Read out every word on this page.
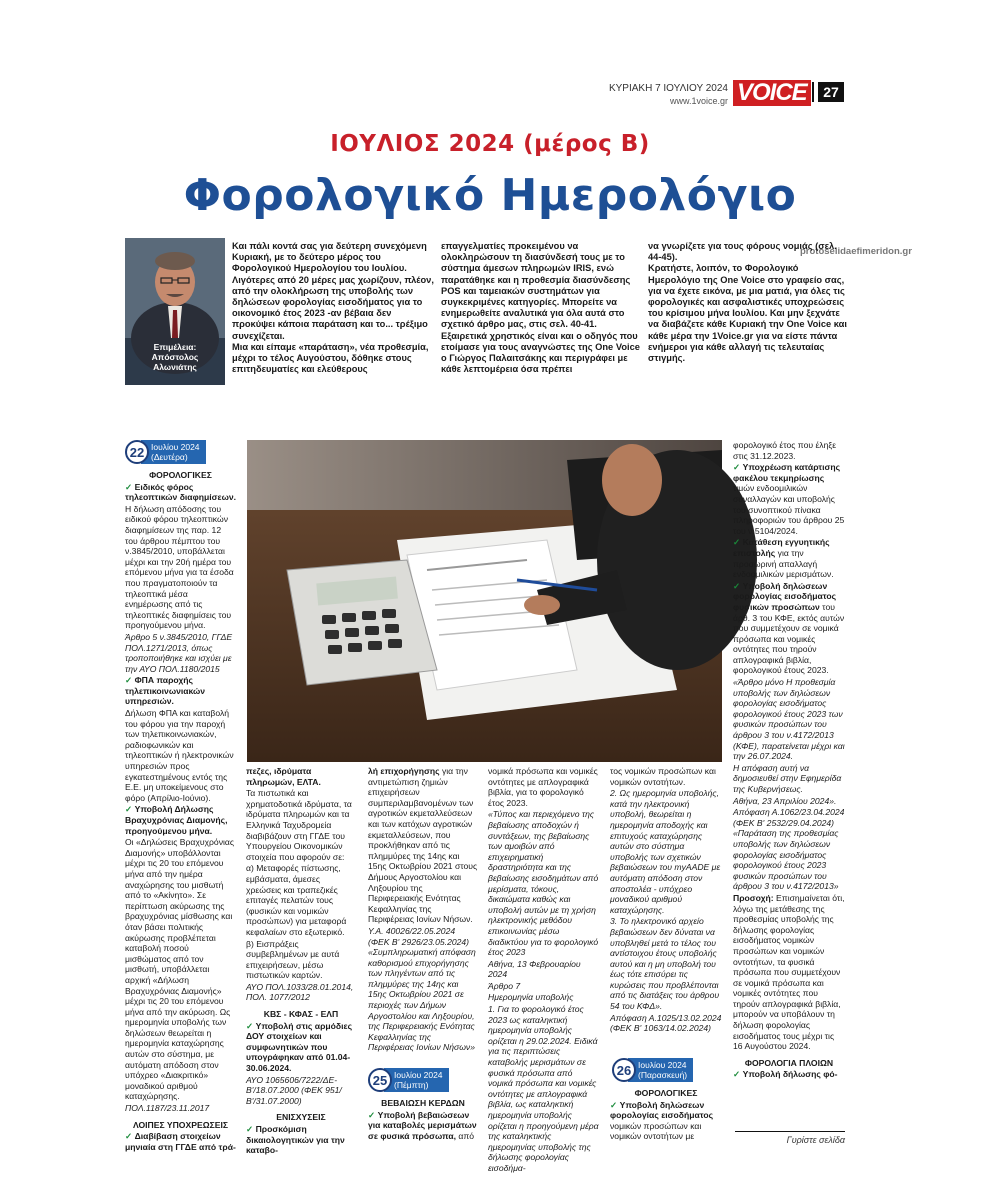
ΚΥΡΙΑΚΗ 7 ΙΟΥΛΙΟΥ 2024
www.1voice.gr VOICE	27
ΙΟΥΛΙΟΣ 2024 (μέρος Β)
Φορολογικό Ημερολόγιο
protoselidaefimeridon.gr
Επιμέλεια:
Απόστολος
Αλωνιάτης

Και πάλι κοντά σας για δεύτερη συνεχόμενη Κυριακή, με το δεύτερο μέρος του Φορολογικού Ημερολογίου του Ιουλίου. Λιγότερες από 20 μέρες μας χωρίζουν, πλέον, από την ολοκλήρωση της υποβολής των δηλώσεων φορολογίας εισοδήματος για το οικονομικό έτος 2023 -αν βέβαια δεν προκύψει κάποια παράταση και το... τρέξιμο συνεχίζεται.

Μια και είπαμε «παράταση», νέα προθεσμία, μέχρι το τέλος Αυγούστου, δόθηκε στους επιτηδευματίες και ελεύθερους

επαγγελματίες προκειμένου να ολοκληρώσουν τη διασύνδεσή τους με το σύστημα άμεσων πληρωμών IRIS, ενώ παρατάθηκε και η προθεσμία διασύνδεσης POS και ταμειακών συστημάτων για συγκεκριμένες κατηγορίες. Μπορείτε να ενημερωθείτε αναλυτικά για όλα αυτά στο σχετικό άρθρο μας, στις σελ. 40-41. Εξαιρετικά χρηστικός είναι και ο οδηγός που ετοίμασε για τους αναγνώστες της One Voice ο Γιώργος Παλαιτσάκης και περιγράφει με κάθε λεπτομέρεια όσα πρέπει

να γνωρίζετε για τους φόρους νομιάς (σελ. 44-45).

Κρατήστε, λοιπόν, το Φορολογικό Ημερολόγιο της One Voice στο γραφείο σας, για να έχετε εικόνα, με μια ματιά, για όλες τις φορολογικές και ασφαλιστικές υποχρεώσεις του κρίσιμου μήνα Ιουλίου. Και μην ξεχνάτε να διαβάζετε κάθε Κυριακή την One Voice και κάθε μέρα την 1Voice.gr για να είστε πάντα ενήμεροι για κάθε αλλαγή τις τελευταίας στιγμής.

22 Ιουλίου 2024
(Δευτέρα)

ΦΟΡΟΛΟΓΙΚΕΣ

✓ Ειδικός φόρος τηλεοπτικών διαφημίσεων.

Η δήλωση απόδοσης του ειδικού φόρου τηλεοπτικών διαφημίσεων της παρ. 12 του άρθρου πέμπτου του ν.3845/2010, υποβάλλεται μέχρι και την 20ή ημέρα του επόμενου μήνα για τα έσοδα που πραγματοποιούν τα τηλεοπτικά μέσα ενημέρωσης από τις τηλεοπτικές διαφημίσεις του προηγούμενου μήνα.

Άρθρο 5 ν.3845/2010, ΓΓΔΕ ΠΟΛ.1271/2013, όπως τροποποιήθηκε και ισχύει με την ΑΥΟ ΠΟΛ.1180/2015

✓ ΦΠΑ παροχής τηλεπικοινωνιακών υπηρεσιών.

Δήλωση ΦΠΑ και καταβολή του φόρου για την παροχή των τηλεπικοινωνιακών, ραδιοφωνικών και τηλεοπτικών ή ηλεκτρονικών υπηρεσιών προς εγκατεστημένους εντός της Ε.Ε. μη υποκείμενους στο φόρο (Απρίλιο-Ιούνιο).

✓ Υποβολή Δήλωσης Βραχυχρόνιας Διαμονής, προηγούμενου μήνα.

Οι «Δηλώσεις Βραχυχρόνιας Διαμονής» υποβάλλονται μέχρι τις 20 του επόμενου μήνα από την ημέρα αναχώρησης του μισθωτή από το «Ακίνητο». Σε περίπτωση ακύρωσης της βραχυχρόνιας μίσθωσης και όταν βάσει πολιτικής ακύρωσης προβλέπεται καταβολή ποσού μισθώματος από τον μισθωτή, υποβάλλεται αρχική «Δήλωση Βραχυχρόνιας Διαμονής» μέχρι τις 20 του επόμενου μήνα από την ακύρωση. Ως ημερομηνία υποβολής των δηλώσεων θεωρείται η ημερομηνία καταχώρησης αυτών στο σύστημα, με αυτόματη απόδοση στον υπόχρεο «Διακριτικό» μοναδικού αριθμού καταχώρησης.

ΠΟΛ.1187/23.11.2017

ΛΟΙΠΕΣ ΥΠΟΧΡΕΩΣΕΙΣ

✓ Διαβίβαση στοιχείων μηνιαία στη ΓΓΔΕ από τρά-

πεζες, ιδρύματα πληρωμών, ΕΛΤΑ.

Τα πιστωτικά και χρηματοδοτικά ιδρύματα, τα ιδρύματα πληρωμών και τα Ελληνικά Ταχυδρομεία διαβιβάζουν στη ΓΓΔΕ του Υπουργείου Οικονομικών στοιχεία που αφορούν σε:

α) Μεταφορές πίστωσης, εμβάσματα, άμεσες χρεώσεις και τραπεζικές επιταγές πελατών τους (φυσικών και νομικών προσώπων) για μεταφορά κεφαλαίων στο εξωτερικό.

β) Εισπράξεις συμβεβλημένων με αυτά επιχειρήσεων, μέσω πιστωτικών καρτών.

ΑΥΟ ΠΟΛ.1033/28.01.2014, ΠΟΛ. 1077/2012

ΚΒΣ - ΚΦΑΣ - ΕΛΠ

✓ Υποβολή στις αρμόδιες ΔΟΥ στοιχείων και συμφωνητικών που υπογράφηκαν από 01.04-30.06.2024.

ΑΥΟ 1065606/7222/ΔΕ-Β'/18.07.2000 (ΦΕΚ 951/Β'/31.07.2000)

ΕΝΙΣΧΥΣΕΙΣ

✓ Προσκόμιση δικαιολογητικών για την καταβο-

λή επιχορήγησης για την αντιμετώπιση ζημιών επιχειρήσεων συμπεριλαμβανομένων των αγροτικών εκμεταλλεύσεων και των κατόχων αγροτικών εκμεταλλεύσεων, που προκλήθηκαν από τις πλημμύρες της 14ης και 15ης Οκτωβρίου 2021 στους Δήμους Αργοστολίου και Ληξουρίου της Περιφερειακής Ενότητας Κεφαλληνίας της Περιφέρειας Ιονίων Νήσων.

Υ.Α. 40026/22.05.2024 (ΦΕΚ Β' 2926/23.05.2024) «Συμπληρωματική απόφαση καθορισμού επιχορήγησης των πληγέντων από τις πλημμύρες της 14ης και 15ης Οκτωβρίου 2021 σε περιοχές των Δήμων Αργοστολίου και Ληξουρίου, της Περιφερειακής Ενότητας Κεφαλληνίας της Περιφέρειας Ιονίων Νήσων»

25 Ιουλίου 2024
(Πέμπτη)

ΒΕΒΑΙΩΣΗ ΚΕΡΔΩΝ

✓ Υποβολή βεβαιώσεων για καταβολές μερισμάτων σε φυσικά πρόσωπα, από

νομικά πρόσωπα και νομικές οντότητες με απλογραφικά βιβλία, για το φορολογικό έτος 2023.

«Τύπος και περιεχόμενο της βεβαίωσης αποδοχών ή συντάξεων, της βεβαίωσης των αμοιβών από επιχειρηματική δραστηριότητα και της βεβαίωσης εισοδημάτων από μερίσματα, τόκους, δικαιώματα καθώς και υποβολή αυτών με τη χρήση ηλεκτρονικής μεθόδου επικοινωνίας μέσω διαδικτύου για το φορολογικό έτος 2023

Αθήνα, 13 Φεβρουαρίου 2024

Άρθρο 7

Ημερομηνία υποβολής

1. Για το φορολογικό έτος 2023 ως καταληκτική ημερομηνία υποβολής ορίζεται η 29.02.2024. Ειδικά για τις περιπτώσεις καταβολής μερισμάτων σε φυσικά πρόσωπα από νομικά πρόσωπα και νομικές οντότητες με απλογραφικά βιβλία, ως καταληκτική ημερομηνία υποβολής ορίζεται η προηγούμενη μέρα της καταληκτικής ημερομηνίας υποβολής της δήλωσης φορολογίας εισοδήμα-

τος νομικών προσώπων και νομικών οντοτήτων.

2. Ως ημερομηνία υποβολής, κατά την ηλεκτρονική υποβολή, θεωρείται η ημερομηνία αποδοχής και επιτυχούς καταχώρησης αυτών στο σύστημα υποβολής των σχετικών βεβαιώσεων του myAADE με αυτόματη απόδοση στον αποστολέα - υπόχρεο μοναδικού αριθμού καταχώρησης.

3. Το ηλεκτρονικό αρχείο βεβαιώσεων δεν δύναται να υποβληθεί μετά το τέλος του αντίστοιχου έτους υποβολής αυτού και η μη υποβολή του έως τότε επισύρει τις κυρώσεις που προβλέπονται από τις διατάξεις του άρθρου 54 του ΚΦΔ».

Απόφαση Α.1025/13.02.2024 (ΦΕΚ Β' 1063/14.02.2024)

26 Ιουλίου 2024
(Παρασκευή)

ΦΟΡΟΛΟΓΙΚΕΣ

✓ Υποβολή δηλώσεων φορολογίας εισοδήματος νομικών προσώπων και νομικών οντοτήτων με

φορολογικό έτος που έληξε στις 31.12.2023.

✓ Υποχρέωση κατάρτισης φακέλου τεκμηρίωσης τιμών ενδοομιλικών συναλλαγών και υποβολής του συνοπτικού πίνακα πληροφοριών του άρθρου 25 του ν.5104/2024.

✓ Κατάθεση εγγυητικής επιστολής για την προσωρινή απαλλαγή ενδοομιλικών μερισμάτων.

✓ Υποβολή δηλώσεων φορολογίας εισοδήματος φυσικών προσώπων του άρθ. 3 του ΚΦΕ, εκτός αυτών που συμμετέχουν σε νομικά πρόσωπα και νομικές οντότητες που τηρούν απλογραφικά βιβλία, φορολογικού έτους 2023.

«Άρθρο μόνο Η προθεσμία υποβολής των δηλώσεων φορολογίας εισοδήματος φορολογικού έτους 2023 των φυσικών προσώπων του άρθρου 3 του ν.4172/2013 (ΚΦΕ), παρατείνεται μέχρι και την 26.07.2024.

Η απόφαση αυτή να δημοσιευθεί στην Εφημερίδα της Κυβερνήσεως.

Αθήνα, 23 Απριλίου 2024».

Απόφαση Α.1062/23.04.2024 (ΦΕΚ Β' 2532/29.04.2024) «Παράταση της προθεσμίας υποβολής των δηλώσεων φορολογίας εισοδήματος φορολογικού έτους 2023 φυσικών προσώπων του άρθρου 3 του ν.4172/2013»

Προσοχή: Επισημαίνεται ότι, λόγω της μετάθεσης της προθεσμίας υποβολής της δήλωσης φορολογίας εισοδήματος νομικών προσώπων και νομικών οντοτήτων, τα φυσικά πρόσωπα που συμμετέχουν σε νομικά πρόσωπα και νομικές οντότητες που τηρούν απλογραφικά βιβλία, μπορούν να υποβάλουν τη δήλωση φορολογίας εισοδήματος τους μέχρι τις 16 Αυγούστου 2024.

ΦΟΡΟΛΟΓΙΑ ΠΛΟΙΩΝ

✓ Υποβολή δήλωσης φό-

Γυρίστε σελίδα
